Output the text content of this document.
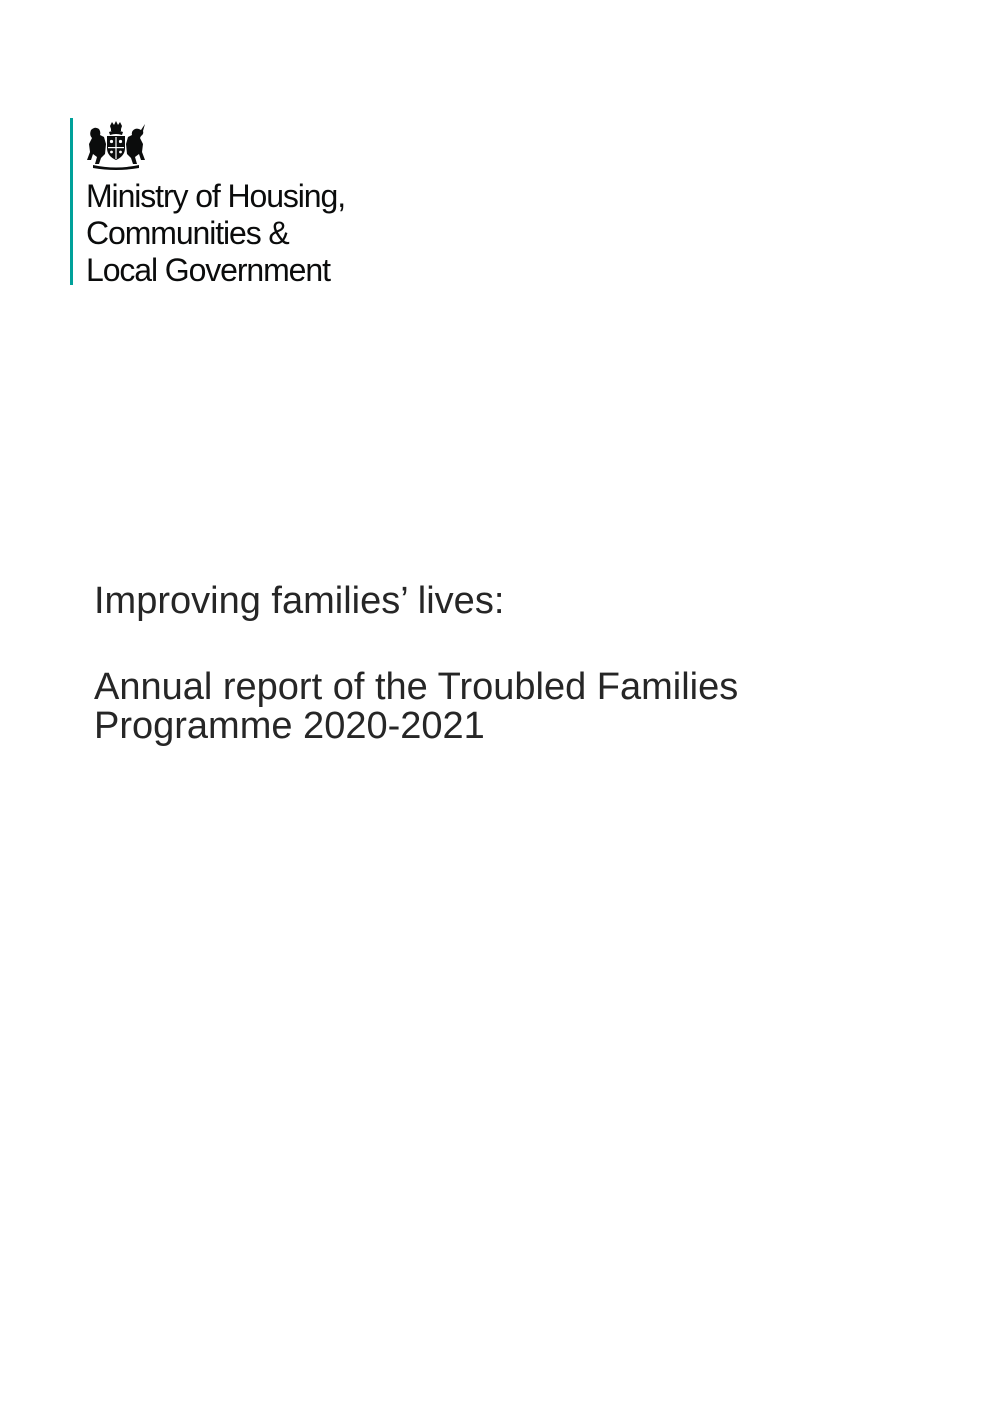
Ministry of Housing,
Communities &
Local Government
Improving families’ lives:
Annual report of the Troubled Families
Programme 2020-2021
